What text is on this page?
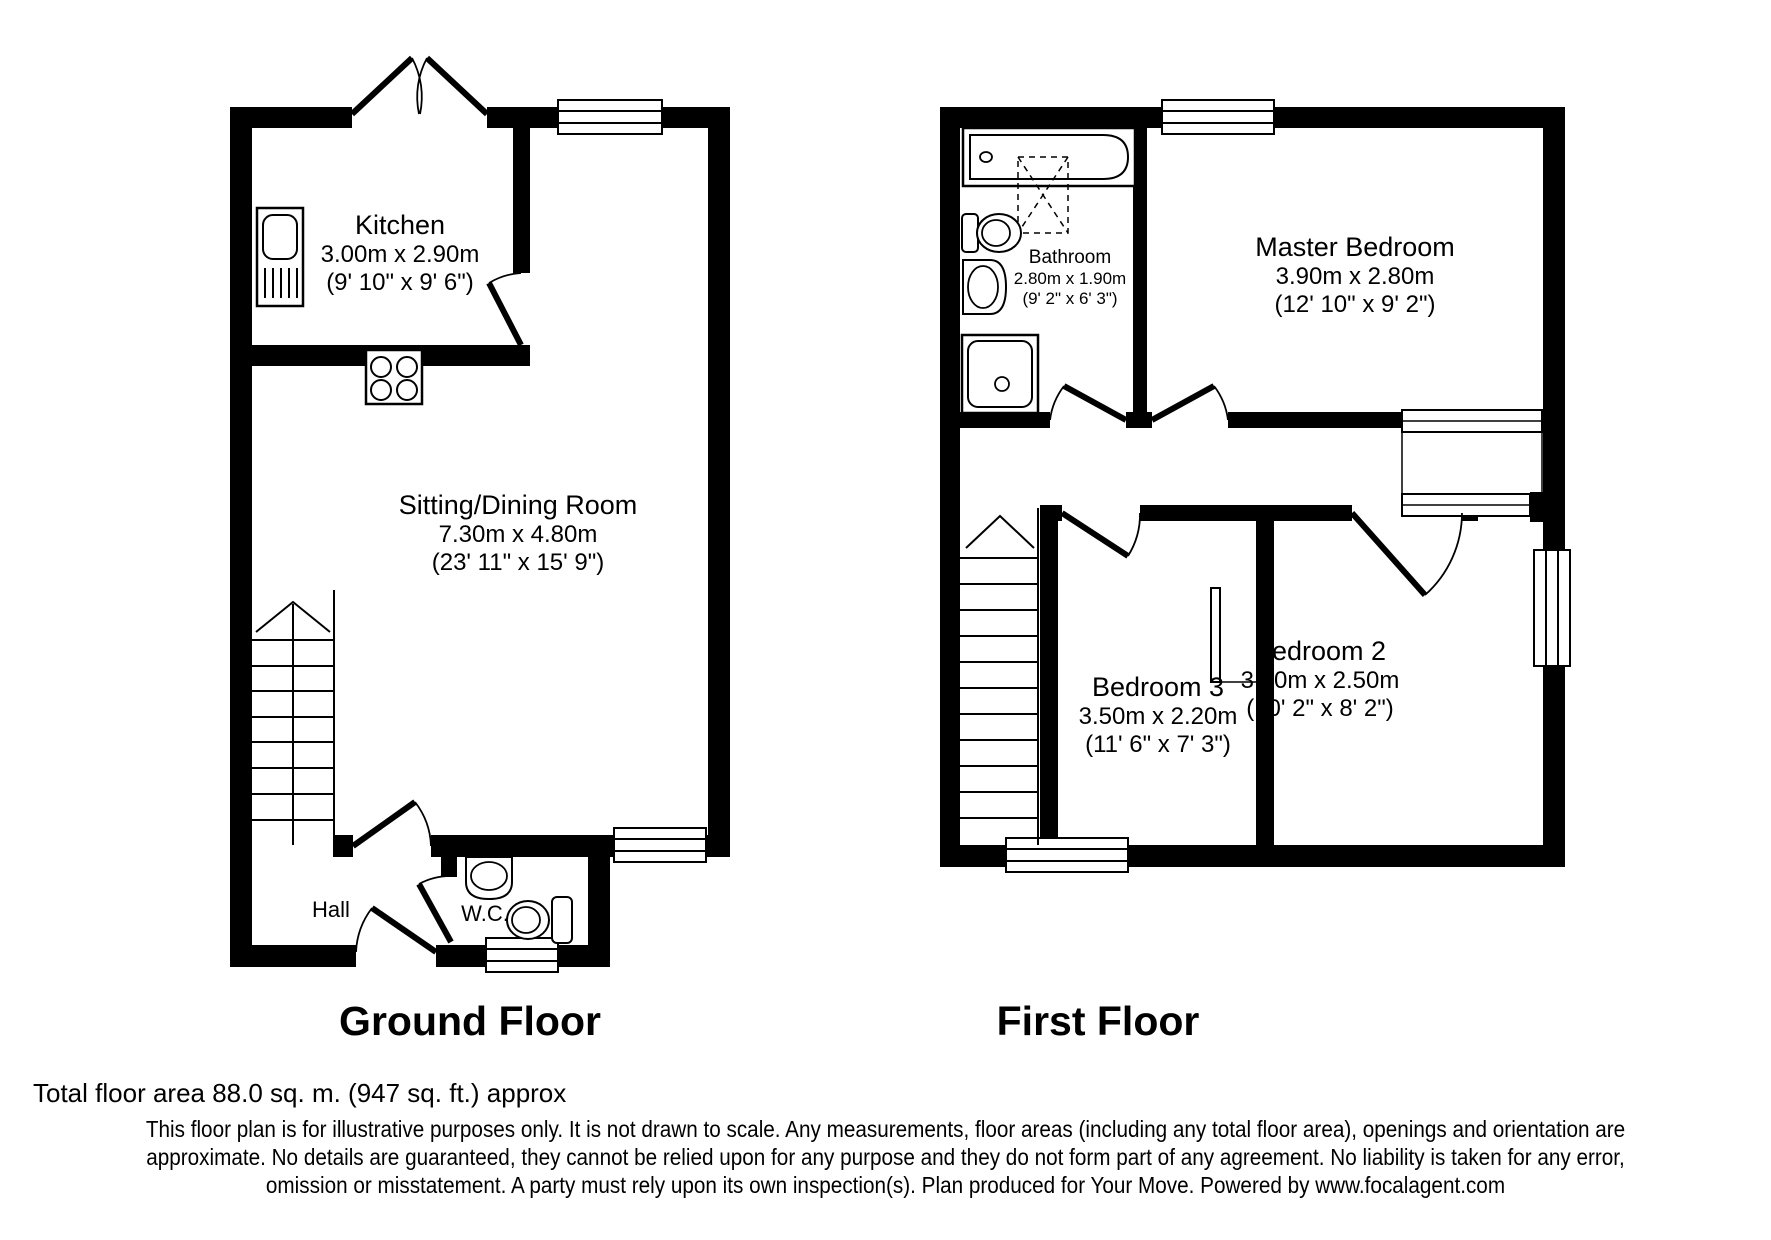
Kitchen
3.00m x 2.90m
(9' 10" x 9' 6")
Sitting/Dining Room
7.30m x 4.80m
(23' 11" x 15' 9")
Hall	W.C.
Bathroom
2.80m x 1.90m
(9' 2" x 6' 3")
Master Bedroom
3.90m x 2.80m
(12' 10" x 9' 2")
Bedroom 3
3.50m x 2.20m
(11' 6" x 7' 3")
Bedroom 2
3.10m x 2.50m
(10' 2" x 8' 2")
Ground Floor	First Floor
Total floor area 88.0 sq. m. (947 sq. ft.) approx
This floor plan is for illustrative purposes only. It is not drawn to scale. Any measurements, floor areas (including any total floor area), openings and orientation are
approximate. No details are guaranteed, they cannot be relied upon for any purpose and they do not form part of any agreement. No liability is taken for any error,
omission or misstatement. A party must rely upon its own inspection(s). Plan produced for Your Move. Powered by www.focalagent.com
